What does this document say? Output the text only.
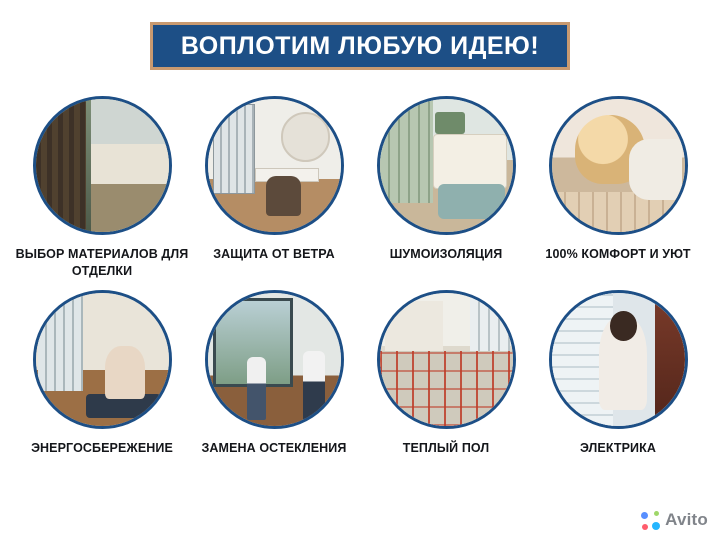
ВОПЛОТИМ ЛЮБУЮ ИДЕЮ!
ВЫБОР МАТЕРИАЛОВ ДЛЯ ОТДЕЛКИ
ЗАЩИТА ОТ ВЕТРА	ШУМОИЗОЛЯЦИЯ	100% КОМФОРТ И УЮТ
ЭНЕРГОСБЕРЕЖЕНИЕ	ЗАМЕНА ОСТЕКЛЕНИЯ	ТЕПЛЫЙ ПОЛ	ЭЛЕКТРИКА
Avito
